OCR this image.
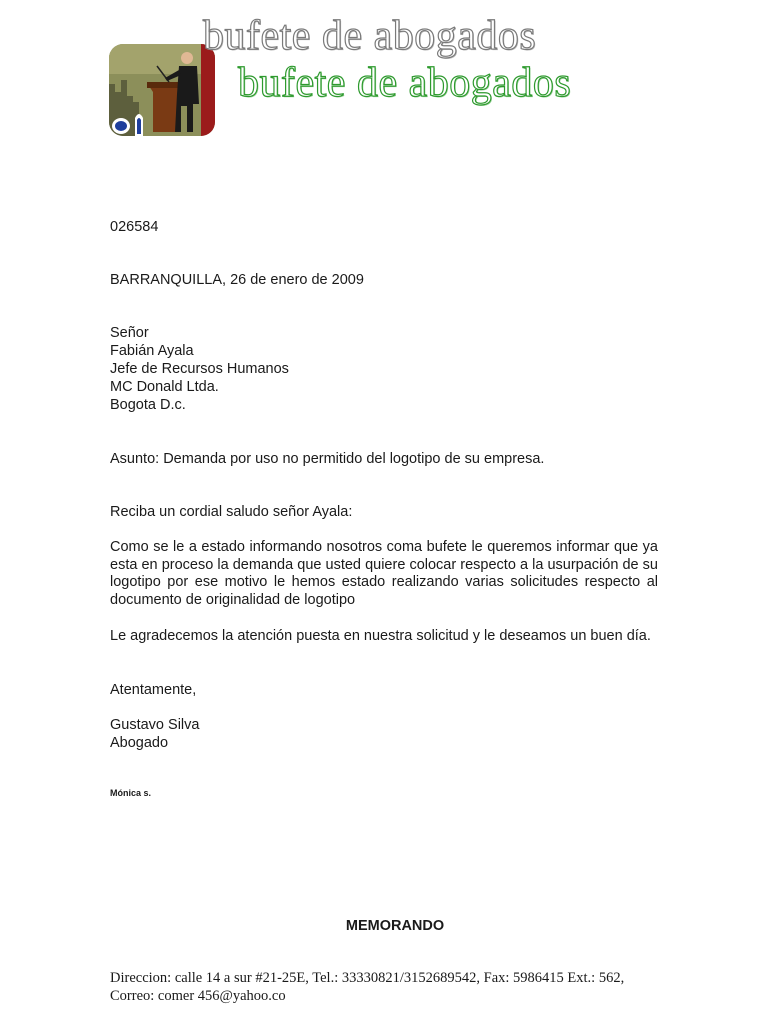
bufete de abogados
bufete de abogados
026584
BARRANQUILLA, 26 de enero de 2009
Señor
Fabián Ayala
Jefe de Recursos Humanos
MC Donald Ltda.
Bogota D.c.
Asunto: Demanda por uso no permitido del logotipo de su empresa.
Reciba un cordial saludo señor Ayala:
Como se le a estado informando nosotros coma bufete le queremos informar que ya esta en proceso la demanda que usted quiere colocar respecto a la usurpación de su logotipo por ese motivo le hemos estado realizando varias solicitudes respecto al documento de originalidad de logotipo
Le agradecemos la atención puesta en nuestra solicitud y le deseamos un buen día.
Atentamente,
Gustavo Silva
Abogado
Mónica s.
MEMORANDO
Direccion: calle 14 a sur #21-25E, Tel.: 33330821/3152689542, Fax: 5986415 Ext.: 562, Correo: comer 456@yahoo.co
